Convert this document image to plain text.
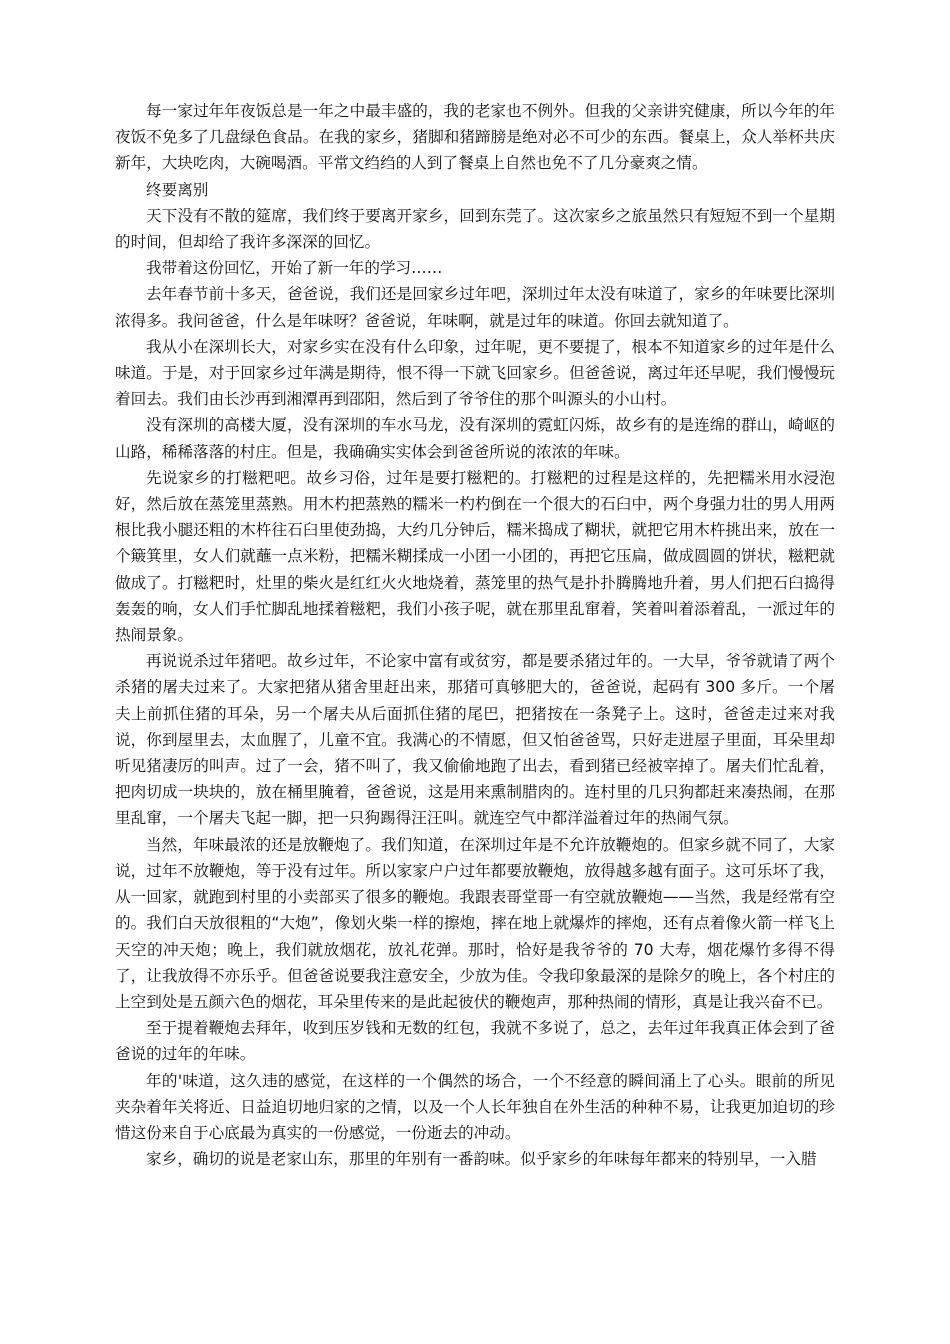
每一家过年年夜饭总是一年之中最丰盛的，我的老家也不例外。但我的父亲讲究健康，所以今年的年夜饭不免多了几盘绿色食品。在我的家乡，猪脚和猪蹄膀是绝对必不可少的东西。餐桌上，众人举杯共庆新年，大块吃肉，大碗喝酒。平常文绉绉的人到了餐桌上自然也免不了几分豪爽之情。

终要离别

天下没有不散的筵席，我们终于要离开家乡，回到东莞了。这次家乡之旅虽然只有短短不到一个星期的时间，但却给了我许多深深的回忆。

我带着这份回忆，开始了新一年的学习……

去年春节前十多天，爸爸说，我们还是回家乡过年吧，深圳过年太没有味道了，家乡的年味要比深圳浓得多。我问爸爸，什么是年味呀？爸爸说，年味啊，就是过年的味道。你回去就知道了。

我从小在深圳长大，对家乡实在没有什么印象，过年呢，更不要提了，根本不知道家乡的过年是什么味道。于是，对于回家乡过年满是期待，恨不得一下就飞回家乡。但爸爸说，离过年还早呢，我们慢慢玩着回去。我们由长沙再到湘潭再到邵阳，然后到了爷爷住的那个叫源头的小山村。

没有深圳的高楼大厦，没有深圳的车水马龙，没有深圳的霓虹闪烁，故乡有的是连绵的群山，崎岖的山路，稀稀落落的村庄。但是，我确确实实体会到爸爸所说的浓浓的年味。

先说家乡的打糍粑吧。故乡习俗，过年是要打糍粑的。打糍粑的过程是这样的，先把糯米用水浸泡好，然后放在蒸笼里蒸熟。用木杓把蒸熟的糯米一杓杓倒在一个很大的石臼中，两个身强力壮的男人用两根比我小腿还粗的木杵往石臼里使劲捣，大约几分钟后，糯米捣成了糊状，就把它用木杵挑出来，放在一个簸箕里，女人们就蘸一点米粉，把糯米糊揉成一小团一小团的，再把它压扁，做成圆圆的饼状，糍粑就做成了。打糍粑时，灶里的柴火是红红火火地烧着，蒸笼里的热气是扑扑腾腾地升着，男人们把石臼捣得轰轰的响，女人们手忙脚乱地揉着糍粑，我们小孩子呢，就在那里乱窜着，笑着叫着添着乱，一派过年的热闹景象。

再说说杀过年猪吧。故乡过年，不论家中富有或贫穷，都是要杀猪过年的。一大早，爷爷就请了两个杀猪的屠夫过来了。大家把猪从猪舍里赶出来，那猪可真够肥大的，爸爸说，起码有 300 多斤。一个屠夫上前抓住猪的耳朵，另一个屠夫从后面抓住猪的尾巴，把猪按在一条凳子上。这时，爸爸走过来对我说，你到屋里去，太血腥了，儿童不宜。我满心的不情愿，但又怕爸爸骂，只好走进屋子里面，耳朵里却听见猪凄厉的叫声。过了一会，猪不叫了，我又偷偷地跑了出去，看到猪已经被宰掉了。屠夫们忙乱着，把肉切成一块块的，放在桶里腌着，爸爸说，这是用来熏制腊肉的。连村里的几只狗都赶来凑热闹，在那里乱窜，一个屠夫飞起一脚，把一只狗踢得汪汪叫。就连空气中都洋溢着过年的热闹气氛。

当然，年味最浓的还是放鞭炮了。我们知道，在深圳过年是不允许放鞭炮的。但家乡就不同了，大家说，过年不放鞭炮，等于没有过年。所以家家户户过年都要放鞭炮，放得越多越有面子。这可乐坏了我，从一回家，就跑到村里的小卖部买了很多的鞭炮。我跟表哥堂哥一有空就放鞭炮——当然，我是经常有空的。我们白天放很粗的“大炮”，像划火柴一样的擦炮，摔在地上就爆炸的摔炮，还有点着像火箭一样飞上天空的冲天炮；晚上，我们就放烟花，放礼花弹。那时，恰好是我爷爷的 70 大寿，烟花爆竹多得不得了，让我放得不亦乐乎。但爸爸说要我注意安全，少放为佳。令我印象最深的是除夕的晚上，各个村庄的上空到处是五颜六色的烟花，耳朵里传来的是此起彼伏的鞭炮声，那种热闹的情形，真是让我兴奋不已。

至于提着鞭炮去拜年，收到压岁钱和无数的红包，我就不多说了，总之，去年过年我真正体会到了爸爸说的过年的年味。

年的'味道，这久违的感觉，在这样的一个偶然的场合，一个不经意的瞬间涌上了心头。眼前的所见夹杂着年关将近、日益迫切地归家的之情，以及一个人长年独自在外生活的种种不易，让我更加迫切的珍惜这份来自于心底最为真实的一份感觉，一份逝去的冲动。

家乡，确切的说是老家山东，那里的年别有一番韵味。似乎家乡的年味每年都来的特别早，一入腊
